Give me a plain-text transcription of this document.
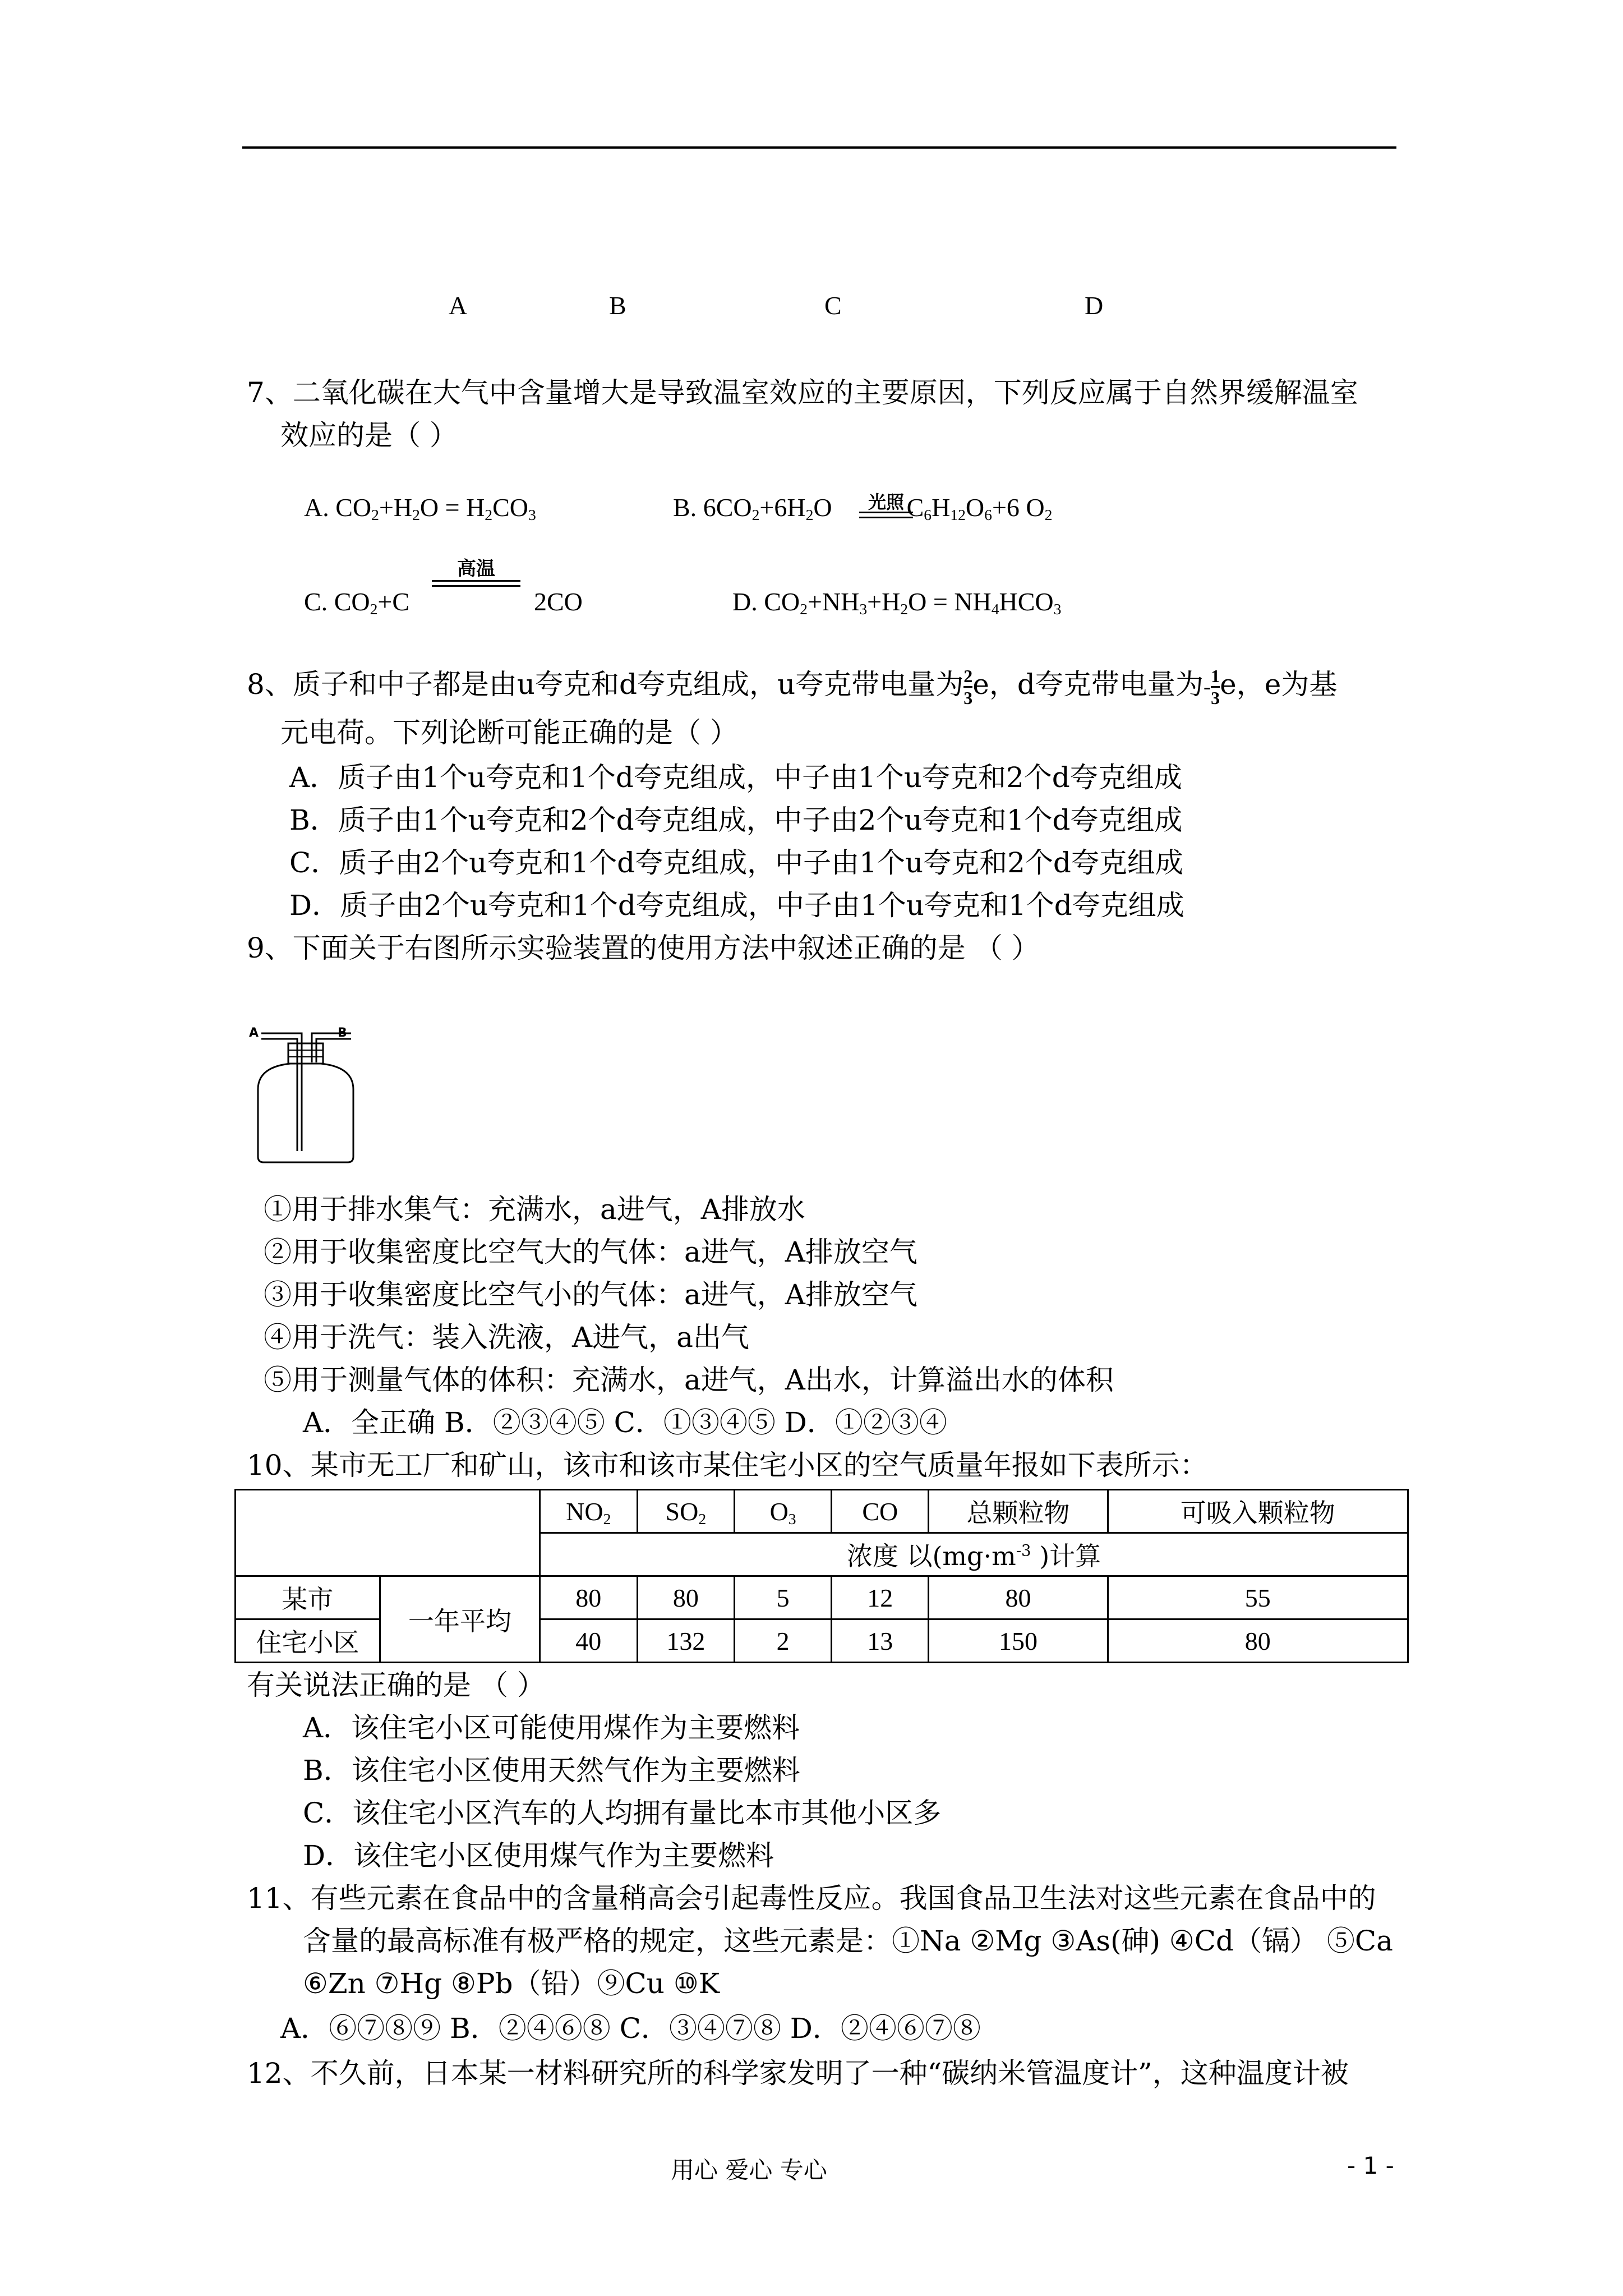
A	B	C	D
7、二氧化碳在大气中含量增大是导致温室效应的主要原因，下列反应属于自然界缓解温室
效应的是（ ）
A. $CO_2+H_2O = H_2CO_3$	B. $6CO_2+6H_2O$  $C_6H_{12}O_6+6$ $O_2$
光照
C. $CO_2+C$
高温
2CO	D. $CO_2+NH_3+H_2O = NH_4HCO_3$
8、质子和中子都是由u夸克和d夸克组成，u夸克带电量为$\frac{2}{3}$ e，d夸克带电量为$-\frac{1}{3}$ e，e为基
元电荷。下列论断可能正确的是（ ）
A．质子由1个u夸克和1个d夸克组成，中子由1个u夸克和2个d夸克组成
B．质子由1个u夸克和2个d夸克组成，中子由2个u夸克和1个d夸克组成
C．质子由2个u夸克和1个d夸克组成，中子由1个u夸克和2个d夸克组成
D．质子由2个u夸克和1个d夸克组成，中子由1个u夸克和1个d夸克组成
9、下面关于右图所示实验装置的使用方法中叙述正确的是 （ ）
A	B
①用于排水集气：充满水，a进气，A排放水
②用于收集密度比空气大的气体：a进气，A排放空气
③用于收集密度比空气小的气体：a进气，A排放空气
④用于洗气：装入洗液，A进气，a出气
⑤用于测量气体的体积：充满水，a进气，A出水，计算溢出水的体积
A．全正确 B．②③④⑤ C．①③④⑤ D．①②③④
10、某市无工厂和矿山，该市和该市某住宅小区的空气质量年报如下表所示：
		$NO_2$	$SO_2$	$O_3$	CO	总颗粒物	可吸入颗粒物
		浓度 以($mg\cdot m^{-3}$ )计算					
某市	一年平均	80	80	5	12	80	55
住宅小区		40	132	2	13	150	80
有关说法正确的是 （ ）
A．该住宅小区可能使用煤作为主要燃料
B．该住宅小区使用天然气作为主要燃料
C．该住宅小区汽车的人均拥有量比本市其他小区多
D．该住宅小区使用煤气作为主要燃料
11、有些元素在食品中的含量稍高会引起毒性反应。我国食品卫生法对这些元素在食品中的
含量的最高标准有极严格的规定，这些元素是：①Na ②Mg ③As(砷) ④Cd（镉） ⑤Ca
⑥Zn ⑦Hg ⑧Pb（铅）⑨Cu ⑩K
A．⑥⑦⑧⑨ B．②④⑥⑧ C．③④⑦⑧ D．②④⑥⑦⑧
12、不久前，日本某一材料研究所的科学家发明了一种“碳纳米管温度计”，这种温度计被
用心 爱心 专心	- 1 -
